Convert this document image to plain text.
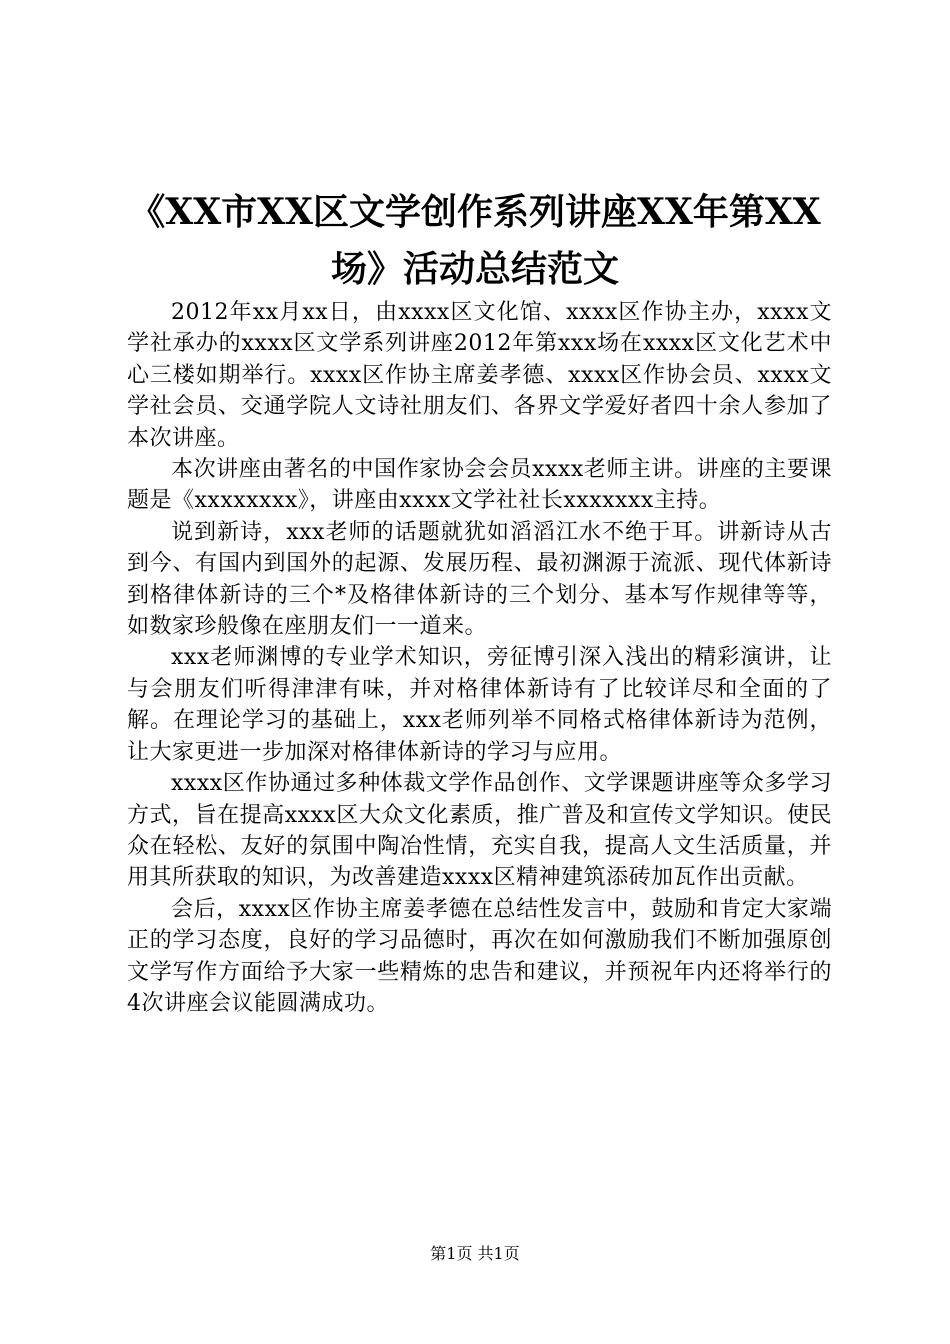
《XX市XX区文学创作系列讲座XX年第XX
场》活动总结范文

2012年xx月xx日，由xxxx区文化馆、xxxx区作协主办，xxxx文学社承办的xxxx区文学系列讲座2012年第xxx场在xxxx区文化艺术中心三楼如期举行。xxxx区作协主席姜孝德、xxxx区作协会员、xxxx文学社会员、交通学院人文诗社朋友们、各界文学爱好者四十余人参加了本次讲座。

本次讲座由著名的中国作家协会会员xxxx老师主讲。讲座的主要课题是《xxxxxxxx》，讲座由xxxx文学社社长xxxxxxx主持。

说到新诗，xxx老师的话题就犹如滔滔江水不绝于耳。讲新诗从古到今、有国内到国外的起源、发展历程、最初渊源于流派、现代体新诗到格律体新诗的三个*及格律体新诗的三个划分、基本写作规律等等，如数家珍般像在座朋友们一一道来。

xxx老师渊博的专业学术知识，旁征博引深入浅出的精彩演讲，让与会朋友们听得津津有味，并对格律体新诗有了比较详尽和全面的了解。在理论学习的基础上，xxx老师列举不同格式格律体新诗为范例，让大家更进一步加深对格律体新诗的学习与应用。

xxxx区作协通过多种体裁文学作品创作、文学课题讲座等众多学习方式，旨在提高xxxx区大众文化素质，推广普及和宣传文学知识。使民众在轻松、友好的氛围中陶冶性情，充实自我，提高人文生活质量，并用其所获取的知识，为改善建造xxxx区精神建筑添砖加瓦作出贡献。

会后，xxxx区作协主席姜孝德在总结性发言中，鼓励和肯定大家端正的学习态度，良好的学习品德时，再次在如何激励我们不断加强原创文学写作方面给予大家一些精炼的忠告和建议，并预祝年内还将举行的4次讲座会议能圆满成功。

第1页 共1页
